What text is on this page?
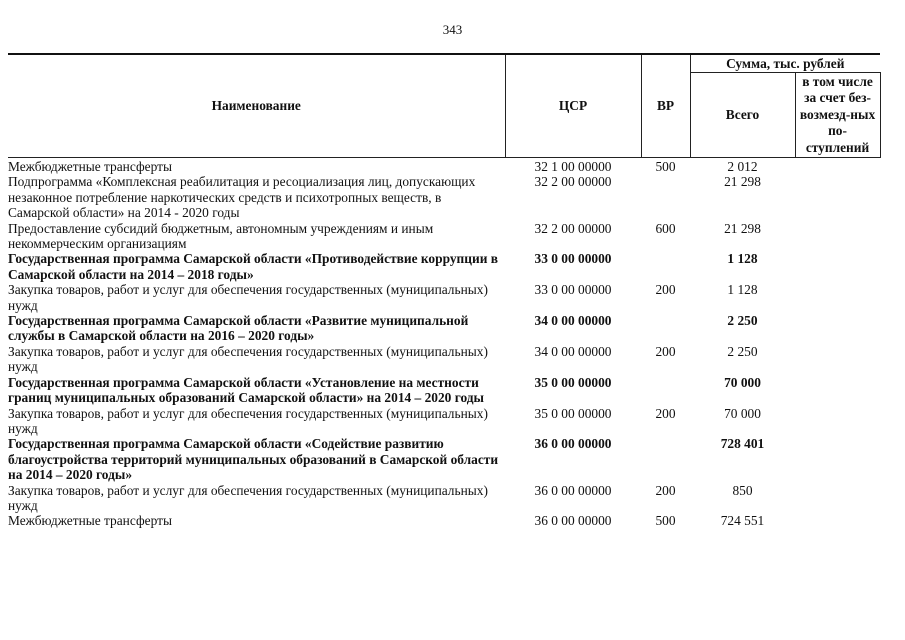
343
Наименование	ЦСР	ВР	Сумма, тыс. рублей	
			Всего	в том числе за счет без-возмезд-ных по-ступлений
Межбюджетные трансферты	32 1 00 00000	500	2 012	
Подпрограмма «Комплексная реабилитация и ресоциализация лиц, допускающих незаконное потребление наркотических средств и психотропных веществ, в Самарской области» на 2014 - 2020 годы	32 2 00 00000		21 298	
Предоставление субсидий бюджетным, автономным учреждениям и иным некоммерческим организациям	32 2 00 00000	600	21 298	
Государственная программа Самарской области «Противодействие коррупции в Самарской области на 2014 – 2018 годы»	33 0 00 00000		1 128	
Закупка товаров, работ и услуг для обеспечения государственных (муниципальных) нужд	33 0 00 00000	200	1 128	
Государственная программа Самарской области «Развитие муниципальной службы в Самарской области на 2016 – 2020 годы»	34 0 00 00000		2 250	
Закупка товаров, работ и услуг для обеспечения государственных (муниципальных) нужд	34 0 00 00000	200	2 250	
Государственная программа Самарской области «Установление на местности границ муниципальных образований Самарской области» на 2014 – 2020 годы	35 0 00 00000		70 000	
Закупка товаров, работ и услуг для обеспечения государственных (муниципальных) нужд	35 0 00 00000	200	70 000	
Государственная программа Самарской области «Содействие развитию благоустройства территорий муниципальных образований в Самарской области на 2014 – 2020 годы»	36 0 00 00000		728 401	
Закупка товаров, работ и услуг для обеспечения государственных (муниципальных) нужд	36 0 00 00000	200	850	
Межбюджетные трансферты	36 0 00 00000	500	724 551	
